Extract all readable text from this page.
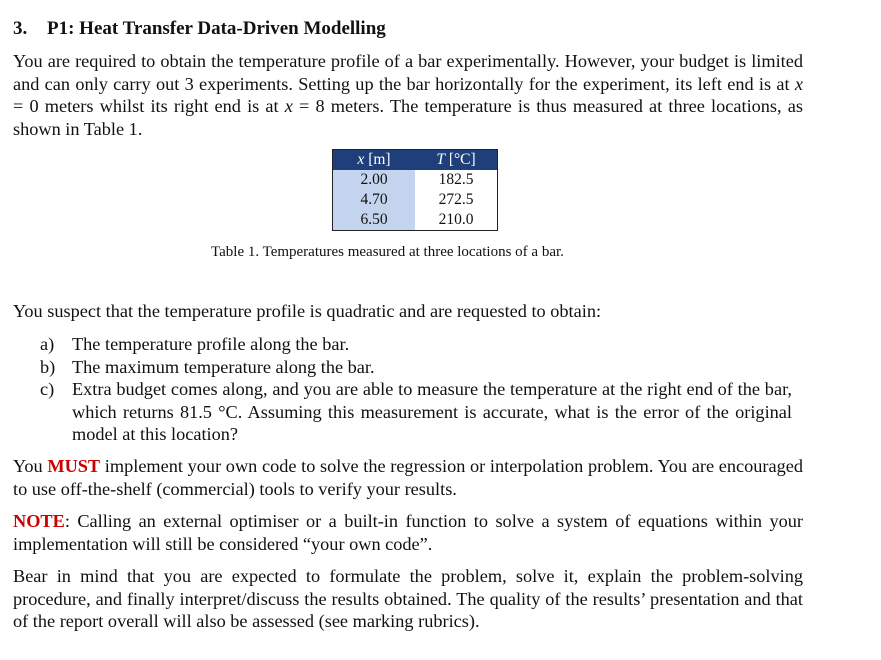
3. P1: Heat Transfer Data-Driven Modelling

You are required to obtain the temperature profile of a bar experimentally. However, your budget is limited and can only carry out 3 experiments. Setting up the bar horizontally for the experiment, its left end is at x = 0 meters whilst its right end is at x = 8 meters. The temperature is thus measured at three locations, as shown in Table 1.

x [m]	T [°C]
2.00	182.5
4.70	272.5
6.50	210.0

Table 1. Temperatures measured at three locations of a bar.

You suspect that the temperature profile is quadratic and are requested to obtain:

a) The temperature profile along the bar.
b) The maximum temperature along the bar.
c) Extra budget comes along, and you are able to measure the temperature at the right end of the bar, which returns 81.5 °C. Assuming this measurement is accurate, what is the error of the original model at this location?

You MUST implement your own code to solve the regression or interpolation problem. You are encouraged to use off-the-shelf (commercial) tools to verify your results.

NOTE: Calling an external optimiser or a built-in function to solve a system of equations within your implementation will still be considered “your own code”.

Bear in mind that you are expected to formulate the problem, solve it, explain the problem-solving procedure, and finally interpret/discuss the results obtained. The quality of the results’ presentation and that of the report overall will also be assessed (see marking rubrics).
